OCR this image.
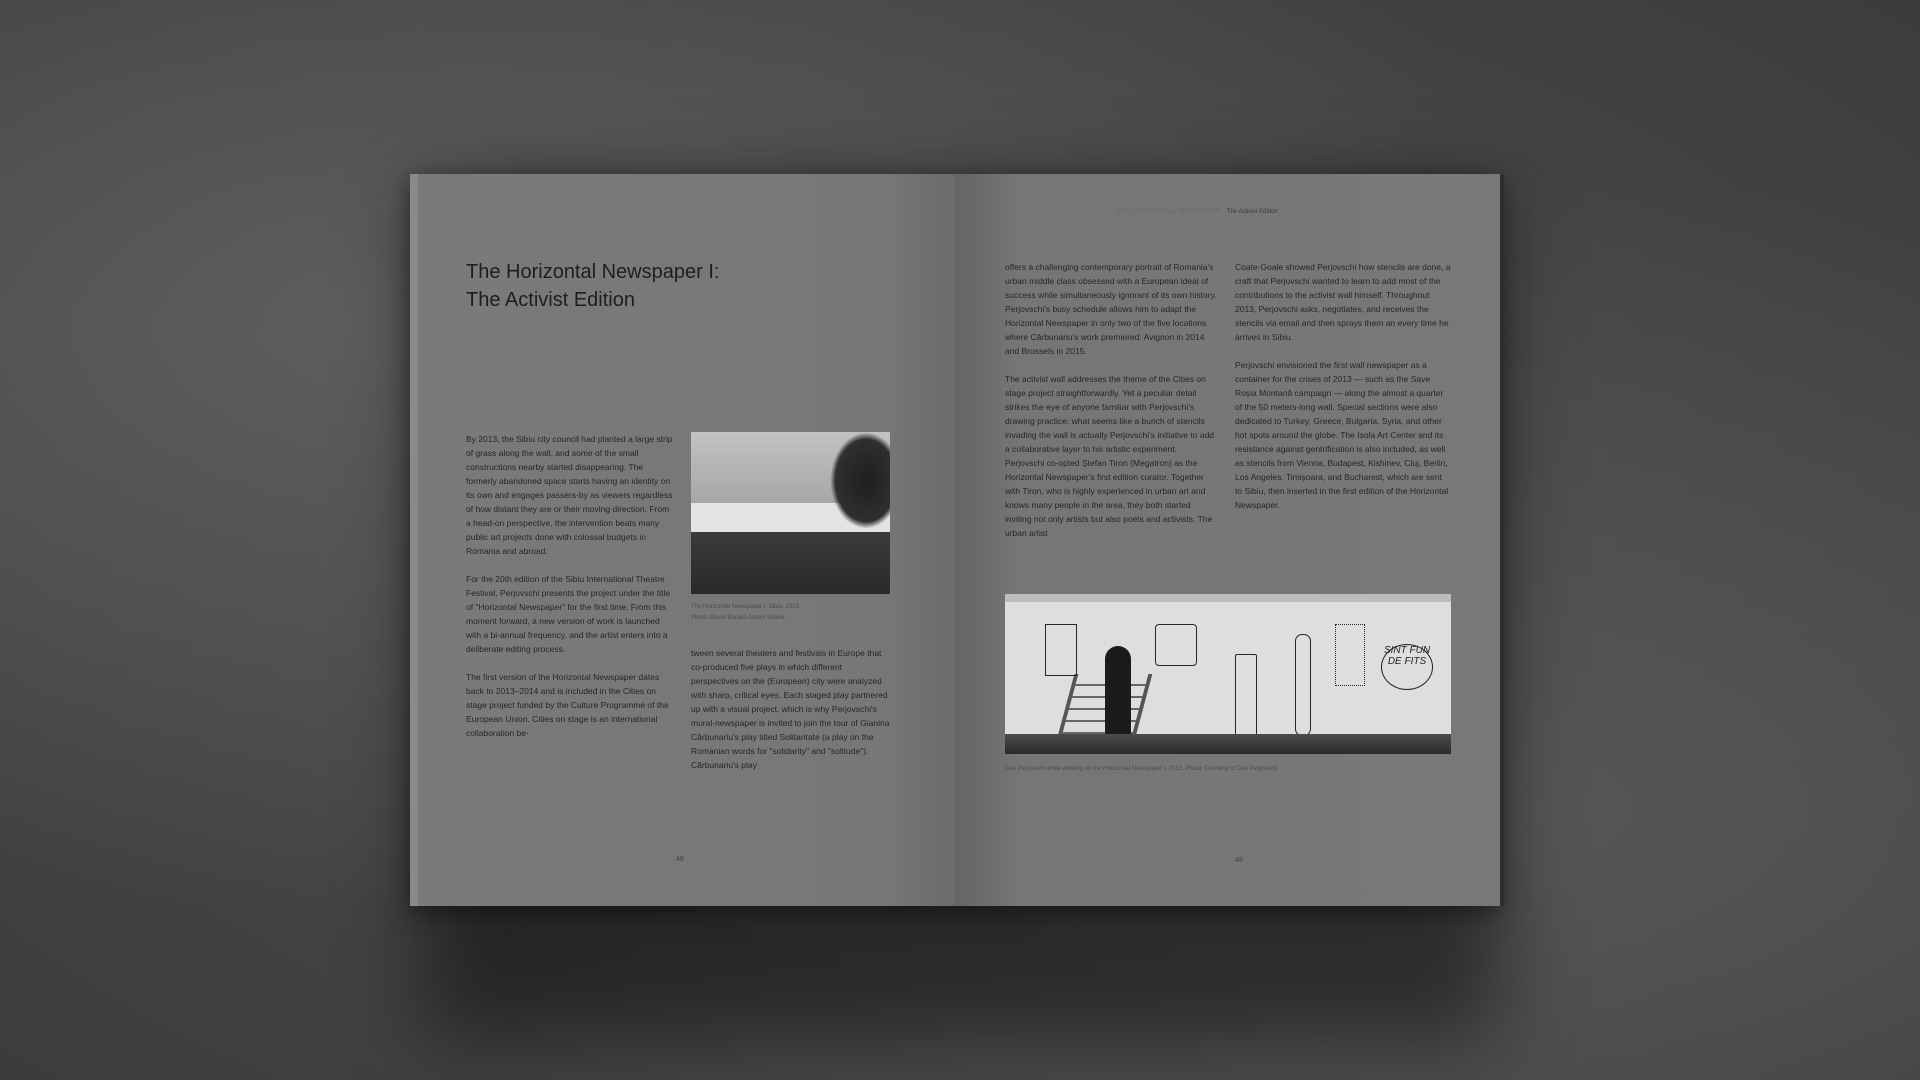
The Horizontal Newspaper I:
The Activist Edition

By 2013, the Sibiu city council had planted a large strip of grass along the wall, and some of the small constructions nearby started disappearing. The formerly abandoned space starts having an identity on its own and engages passers-by as viewers regardless of how distant they are or their moving direction. From a head-on perspective, the intervention beats many public art projects done with colossal budgets in Romania and abroad.

For the 20th edition of the Sibiu International Theatre Festival, Perjovschi presents the project under the title of "Horizontal Newspaper" for the first time. From this moment forward, a new version of work is launched with a bi-annual frequency, and the artist enters into a deliberate editing process.

The first version of the Horizontal Newspaper dates back to 2013–2014 and is included in the Cities on stage project funded by the Culture Programme of the European Union. Cities on stage is an international collaboration be-

The Horizontal Newspaper I, Sibiu, 2013.
Photo: Bruno Boravo Antoni Szeiler.

tween several theaters and festivals in Europe that co-produced five plays in which different perspectives on the (European) city were analyzed with sharp, critical eyes. Each staged play partnered up with a visual project, which is why Perjovschi's mural-newspaper is invited to join the tour of Gianina Cărbunariu's play titled Solitaritate (a play on the Romanian words for "solidarity" and "solitude"). Cărbunariu's play

48
THE HORIZONTAL NEWSPAPER The Activist Edition

offers a challenging contemporary portrait of Romania's urban middle class obsessed with a European ideal of success while simultaneously ignorant of its own history. Perjovschi's busy schedule allows him to adapt the Horizontal Newspaper in only two of the five locations where Cărbunariu's work premiered: Avignon in 2014 and Brussels in 2015.

The activist wall addresses the theme of the Cities on stage project straightforwardly. Yet a peculiar detail strikes the eye of anyone familiar with Perjovschi's drawing practice: what seems like a bunch of stencils invading the wall is actually Perjovschi's initiative to add a collaborative layer to his artistic experiment. Perjovschi co-opted Ștefan Tiron (Megatron) as the Horizontal Newspaper's first edition curator. Together with Tiron, who is highly experienced in urban art and knows many people in the area, they both started inviting not only artists but also poets and activists. The urban artist

Coate-Goale showed Perjovschi how stencils are done, a craft that Perjovschi wanted to learn to add most of the contributions to the activist wall himself. Throughout 2013, Perjovschi asks, negotiates, and receives the stencils via email and then sprays them an every time he arrives in Sibiu.

Perjovschi envisioned the first wall newspaper as a container for the crises of 2013 — such as the Save Roșia Montană campaign — along the almost a quarter of the 50 meters-long wall. Special sections were also dedicated to Turkey, Greece, Bulgaria, Syria, and other hot spots around the globe. The Isola Art Center and its resistance against gentrification is also included, as well as stencils from Vienna, Budapest, Kishinev, Cluj, Berlin, Los Angeles, Timișoara, and Bucharest, which are sent to Sibiu, then inserted in the first edition of the Horizontal Newspaper.

SINT FUN DE FITS

Dan Perjovschi while working on the Horizontal Newspaper I, 2013. Photo: Courtesy of Dan Perjovschi.

49
